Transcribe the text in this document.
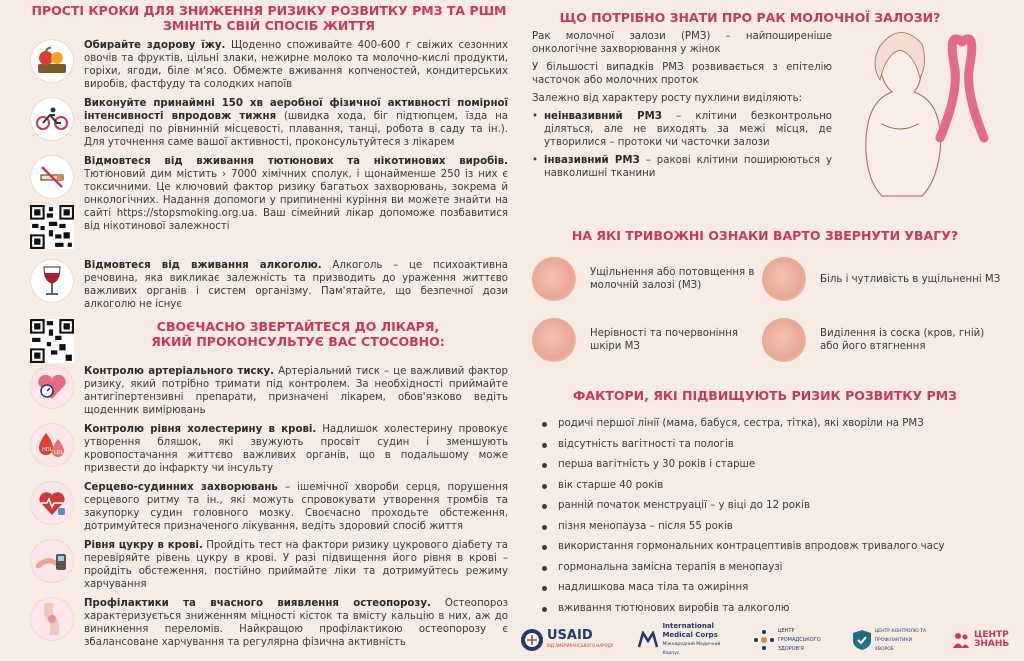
ПРОСТІ КРОКИ ДЛЯ ЗНИЖЕННЯ РИЗИКУ РОЗВИТКУ РМЗ ТА РШМ
ЗМІНІТЬ СВІЙ СПОСІБ ЖИТТЯ
Обирайте здорову їжу. Щоденно споживайте 400-600 г свіжих сезонних овочів та фруктів, цільні злаки, нежирне молоко та молочно-кислі продукти, горіхи, ягоди, біле м'ясо. Обмежте вживання копченостей, кондитерських виробів, фастфуду та солодких напоїв
Виконуйте принаймні 150 хв аеробної фізичної активності помірної інтенсивності впродовж тижня (швидка хода, біг підтюпцем, їзда на велосипеді по рівнинній місцевості, плавання, танці, робота в саду та ін.). Для уточнення саме вашої активності, проконсультуйтеся з лікарем
Відмовтеся від вживання тютюнових та нікотинових виробів. Тютюновий дим містить › 7000 хімічних сполук, і щонайменше 250 із них є токсичними. Це ключовий фактор ризику багатьох захворювань, зокрема й онкологічних. Надання допомоги у припиненні куріння ви можете знайти на сайті https://stopsmoking.org.ua. Ваш сімейний лікар допоможе позбавитися від нікотинової залежності
Відмовтеся від вживання алкоголю. Алкоголь – це психоактивна речовина, яка викликає залежність та призводить до ураження життєво важливих органів і систем організму. Пам'ятайте, що безпечної дози алкоголю не існує
СВОЄЧАСНО ЗВЕРТАЙТЕСЯ ДО ЛІКАРЯ,
ЯКИЙ ПРОКОНСУЛЬТУЄ ВАС СТОСОВНО:
Контролю артеріального тиску. Артеріальний тиск – це важливий фактор ризику, який потрібно тримати під контролем. За необхідності приймайте антигіпертензивні препарати, призначені лікарем, обов'язково ведіть щоденник вимірювань
HDL LDL
Контролю рівня холестерину в крові. Надлишок холестерину провокує утворення бляшок, які звужують просвіт судин і зменшують кровопостачання життєво важливих органів, що в подальшому може призвести до інфаркту чи інсульту
Серцево-судинних захворювань – ішемічної хвороби серця, порушення серцевого ритму та ін., які можуть спровокувати утворення тромбів та закупорку судин головного мозку. Своєчасно проходьте обстеження, дотримуйтеся призначеного лікування, ведіть здоровий спосіб життя
Рівня цукру в крові. Пройдіть тест на фактори ризику цукрового діабету та перевіряйте рівень цукру в крові. У разі підвищення його рівня в крові – пройдіть обстеження, постійно приймайте ліки та дотримуйтесь режиму харчування
Профілактики та вчасного виявлення остеопорозу. Остеопороз характеризується зниженням міцності кісток та вмісту кальцію в них, аж до виникнення переломів. Найкращою профілактикою остеопорозу є збалансоване харчування та регулярна фізична активність
ЩО ПОТРІБНО ЗНАТИ ПРО РАК МОЛОЧНОЇ ЗАЛОЗИ?
Рак молочної залози (РМЗ) – найпоширеніше онкологічне захворювання у жінок
У більшості випадків РМЗ розвивається з епітелію часточок або молочних проток
Залежно від характеру росту пухлини виділяють:
• неінвазивний РМЗ – клітини безконтрольно діляться, але не виходять за межі місця, де утворилися – протоки чи часточки залози
• інвазивний РМЗ – ракові клітини поширюються у навколишні тканини
НА ЯКІ ТРИВОЖНІ ОЗНАКИ ВАРТО ЗВЕРНУТИ УВАГУ?
Ущільнення або потовщення в молочній залозі (МЗ)
Біль і чутливість в ущільненні МЗ
Нерівності та почервоніння шкіри МЗ
Виділення із соска (кров, гній) або його втягнення
ФАКТОРИ, ЯКІ ПІДВИЩУЮТЬ РИЗИК РОЗВИТКУ РМЗ
родичі першої лінії (мама, бабуся, сестра, тітка), які хворіли на РМЗ
відсутність вагітності та пологів
перша вагітність у 30 років і старше
вік старше 40 років
ранній початок менструації – у віці до 12 років
пізня менопауза – після 55 років
використання гормональних контрацептивів впродовж тривалого часу
гормональна замісна терапія в менопаузі
надлишкова маса тіла та ожиріння
вживання тютюнових виробів та алкоголю
USAID
ВІД АМЕРИКАНСЬКОГО НАРОДУ
International Medical Corps
Міжнародний Медичний Корпус
ЦЕНТР ГРОМАДСЬКОГО ЗДОРОВ'Я
ЦЕНТР КОНТРОЛЮ ТА ПРОФІЛАКТИКИ ХВОРОБ
ЦЕНТР ЗНАНЬ
